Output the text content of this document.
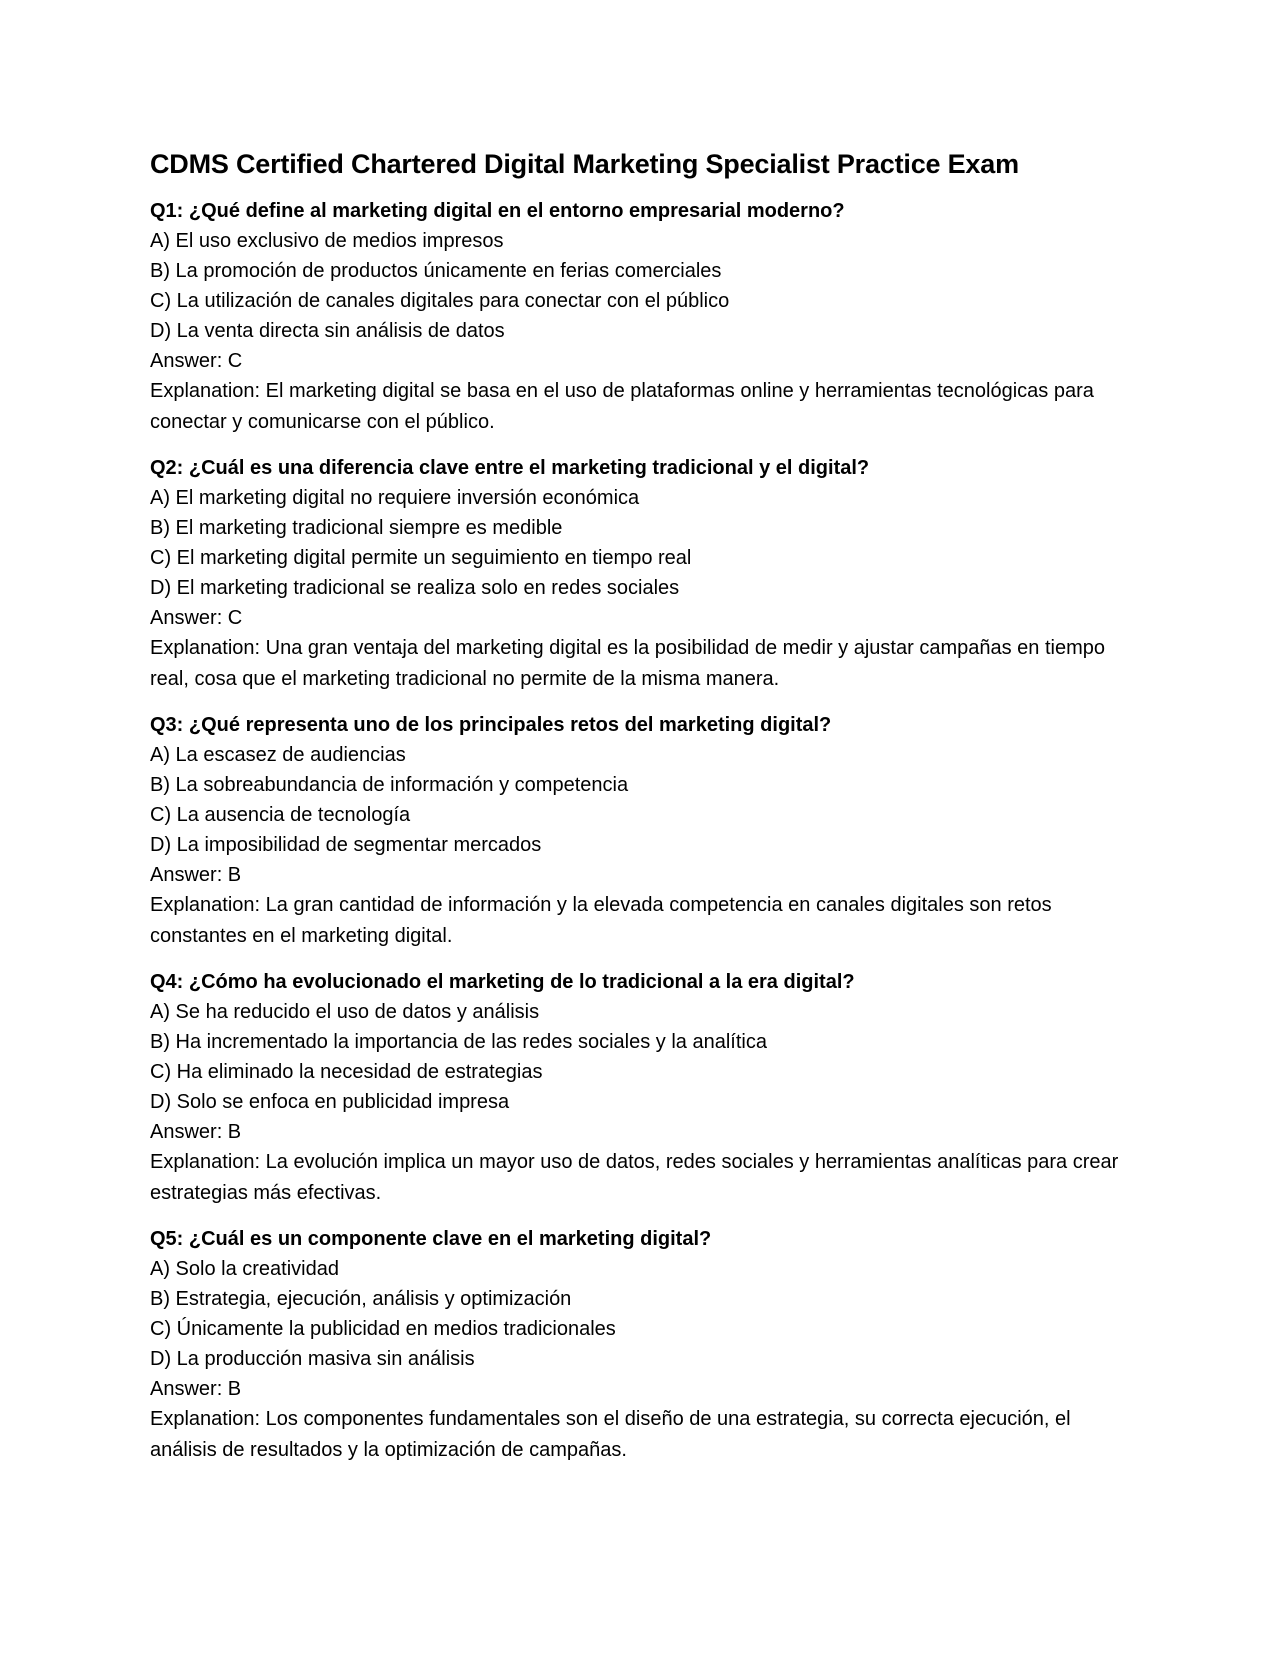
CDMS Certified Chartered Digital Marketing Specialist Practice Exam

Q1: ¿Qué define al marketing digital en el entorno empresarial moderno?

A) El uso exclusivo de medios impresos

B) La promoción de productos únicamente en ferias comerciales

C) La utilización de canales digitales para conectar con el público

D) La venta directa sin análisis de datos

Answer: C

Explanation: El marketing digital se basa en el uso de plataformas online y herramientas tecnológicas para conectar y comunicarse con el público.

Q2: ¿Cuál es una diferencia clave entre el marketing tradicional y el digital?

A) El marketing digital no requiere inversión económica

B) El marketing tradicional siempre es medible

C) El marketing digital permite un seguimiento en tiempo real

D) El marketing tradicional se realiza solo en redes sociales

Answer: C

Explanation: Una gran ventaja del marketing digital es la posibilidad de medir y ajustar campañas en tiempo real, cosa que el marketing tradicional no permite de la misma manera.

Q3: ¿Qué representa uno de los principales retos del marketing digital?

A) La escasez de audiencias

B) La sobreabundancia de información y competencia

C) La ausencia de tecnología

D) La imposibilidad de segmentar mercados

Answer: B

Explanation: La gran cantidad de información y la elevada competencia en canales digitales son retos constantes en el marketing digital.

Q4: ¿Cómo ha evolucionado el marketing de lo tradicional a la era digital?

A) Se ha reducido el uso de datos y análisis

B) Ha incrementado la importancia de las redes sociales y la analítica

C) Ha eliminado la necesidad de estrategias

D) Solo se enfoca en publicidad impresa

Answer: B

Explanation: La evolución implica un mayor uso de datos, redes sociales y herramientas analíticas para crear estrategias más efectivas.

Q5: ¿Cuál es un componente clave en el marketing digital?

A) Solo la creatividad

B) Estrategia, ejecución, análisis y optimización

C) Únicamente la publicidad en medios tradicionales

D) La producción masiva sin análisis

Answer: B

Explanation: Los componentes fundamentales son el diseño de una estrategia, su correcta ejecución, el análisis de resultados y la optimización de campañas.
